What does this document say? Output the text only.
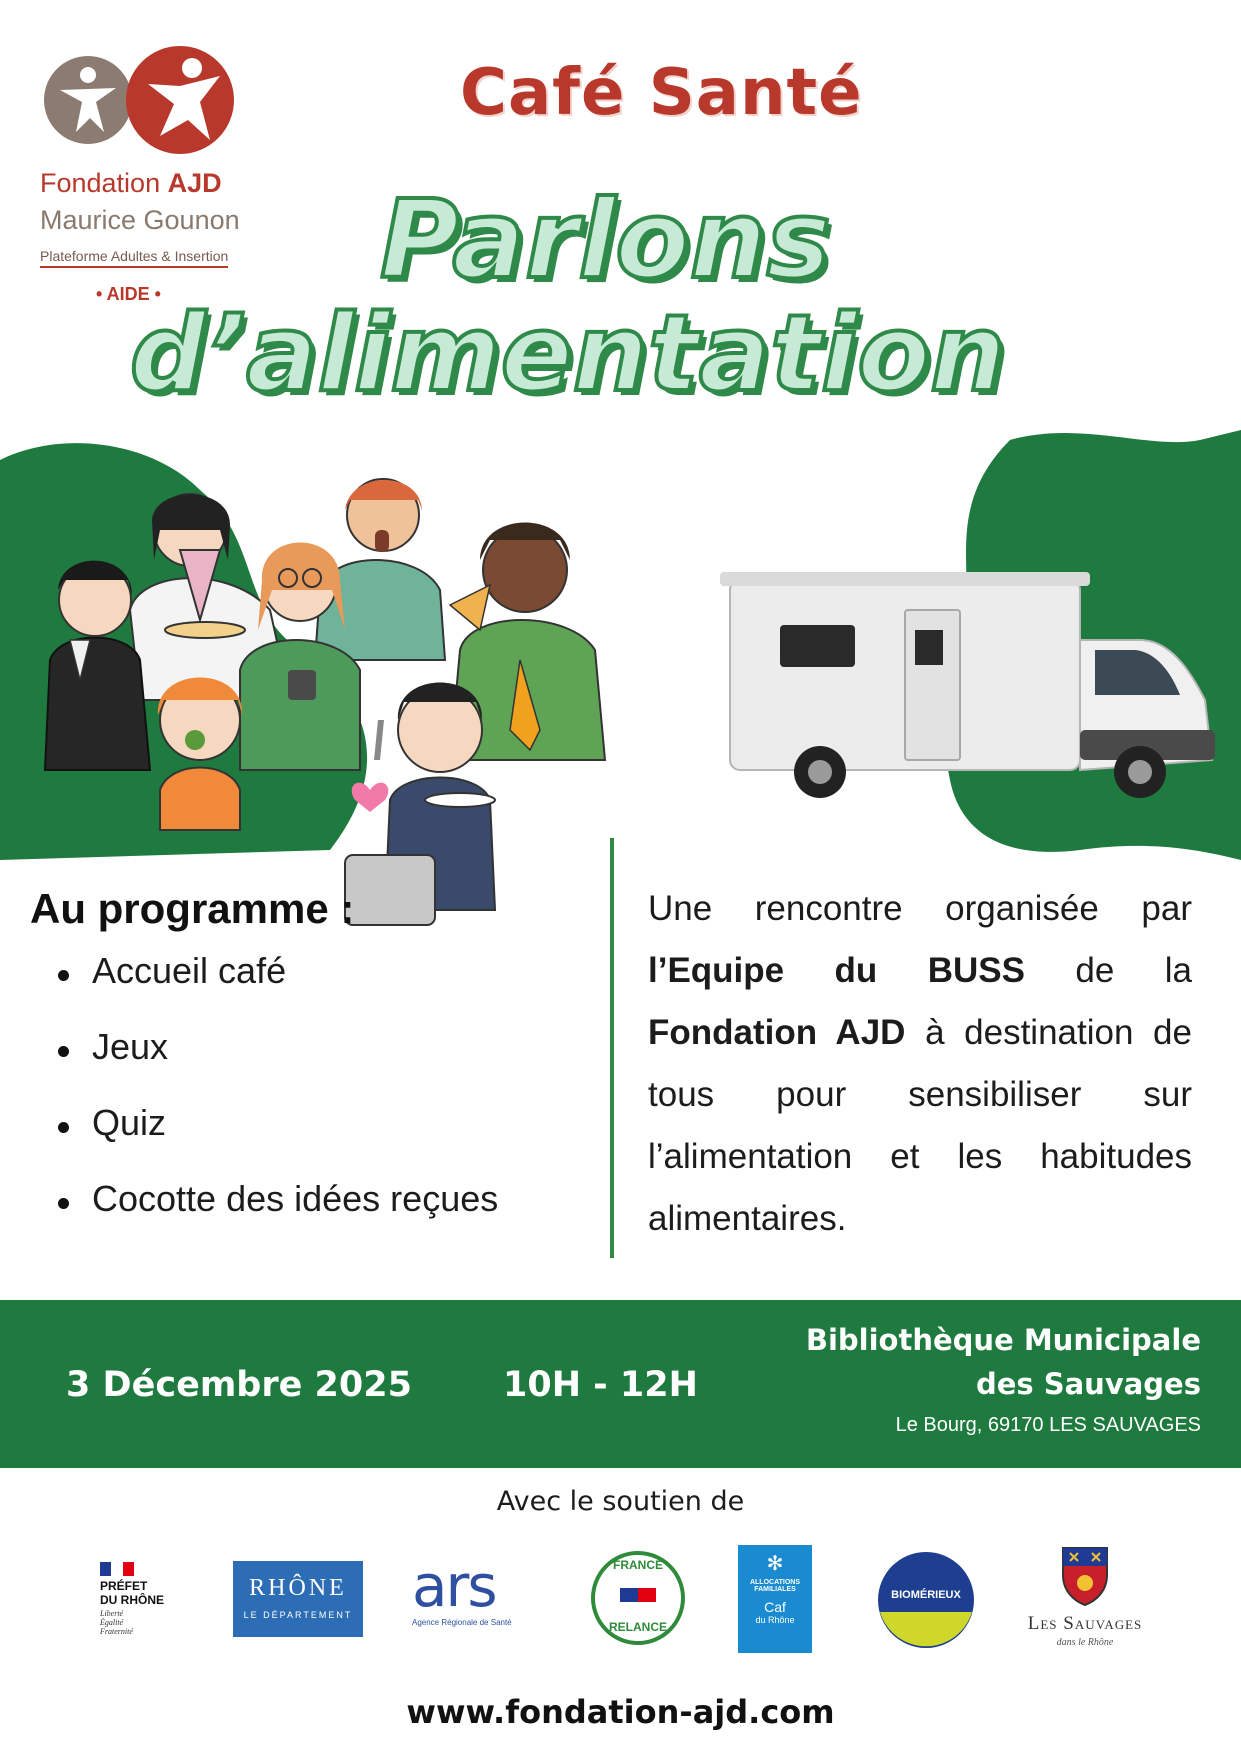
Fondation AJD
Maurice Gounon
Plateforme Adultes & Insertion
• AIDE •
Café Santé
Parlons
d’alimentation
Au programme :
Accueil café
Jeux
Quiz
Cocotte des idées reçues
Une rencontre organisée par l’Equipe du BUSS de la Fondation AJD à destination de tous pour sensibiliser sur l’alimentation et les habitudes alimentaires.
3 Décembre 2025	10H - 12H
Bibliothèque Municipale
des Sauvages
Le Bourg, 69170 LES SAUVAGES
Avec le soutien de
PRÉFET
DU RHÔNE
Liberté
Égalité
Fraternité
RHÔNE
LE DÉPARTEMENT ars
Agence Régionale de Santé
FRANCE
RELANCE
✻
ALLOCATIONS
FAMILIALES
Caf
du Rhône
BIOMÉRIEUX
Les Sauvages
dans le Rhône
www.fondation-ajd.com
